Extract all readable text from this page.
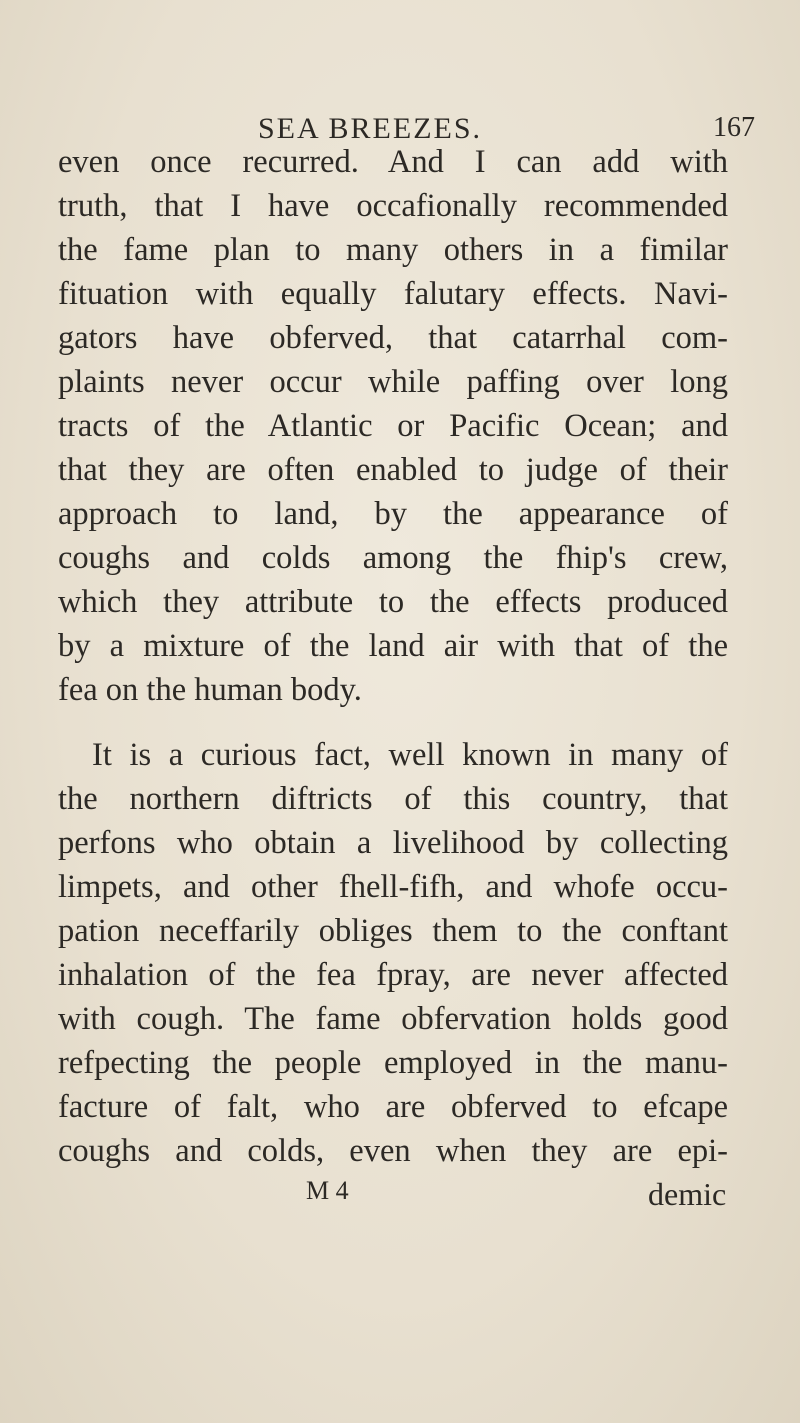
SEA BREEZES.	167
even once recurred. And I can add with
truth, that I have occafionally recommended
the fame plan to many others in a fimilar
fituation with equally falutary effects. Navi-
gators have obferved, that catarrhal com-
plaints never occur while paffing over long
tracts of the Atlantic or Pacific Ocean; and
that they are often enabled to judge of their
approach to land, by the appearance of
coughs and colds among the fhip's crew,
which they attribute to the effects produced
by a mixture of the land air with that of the
fea on the human body.
It is a curious fact, well known in many of
the northern diftricts of this country, that
perfons who obtain a livelihood by collecting
limpets, and other fhell-fifh, and whofe occu-
pation neceffarily obliges them to the conftant
inhalation of the fea fpray, are never affected
with cough. The fame obfervation holds good
refpecting the people employed in the manu-
facture of falt, who are obferved to efcape
coughs and colds, even when they are epi-
M 4	demic
